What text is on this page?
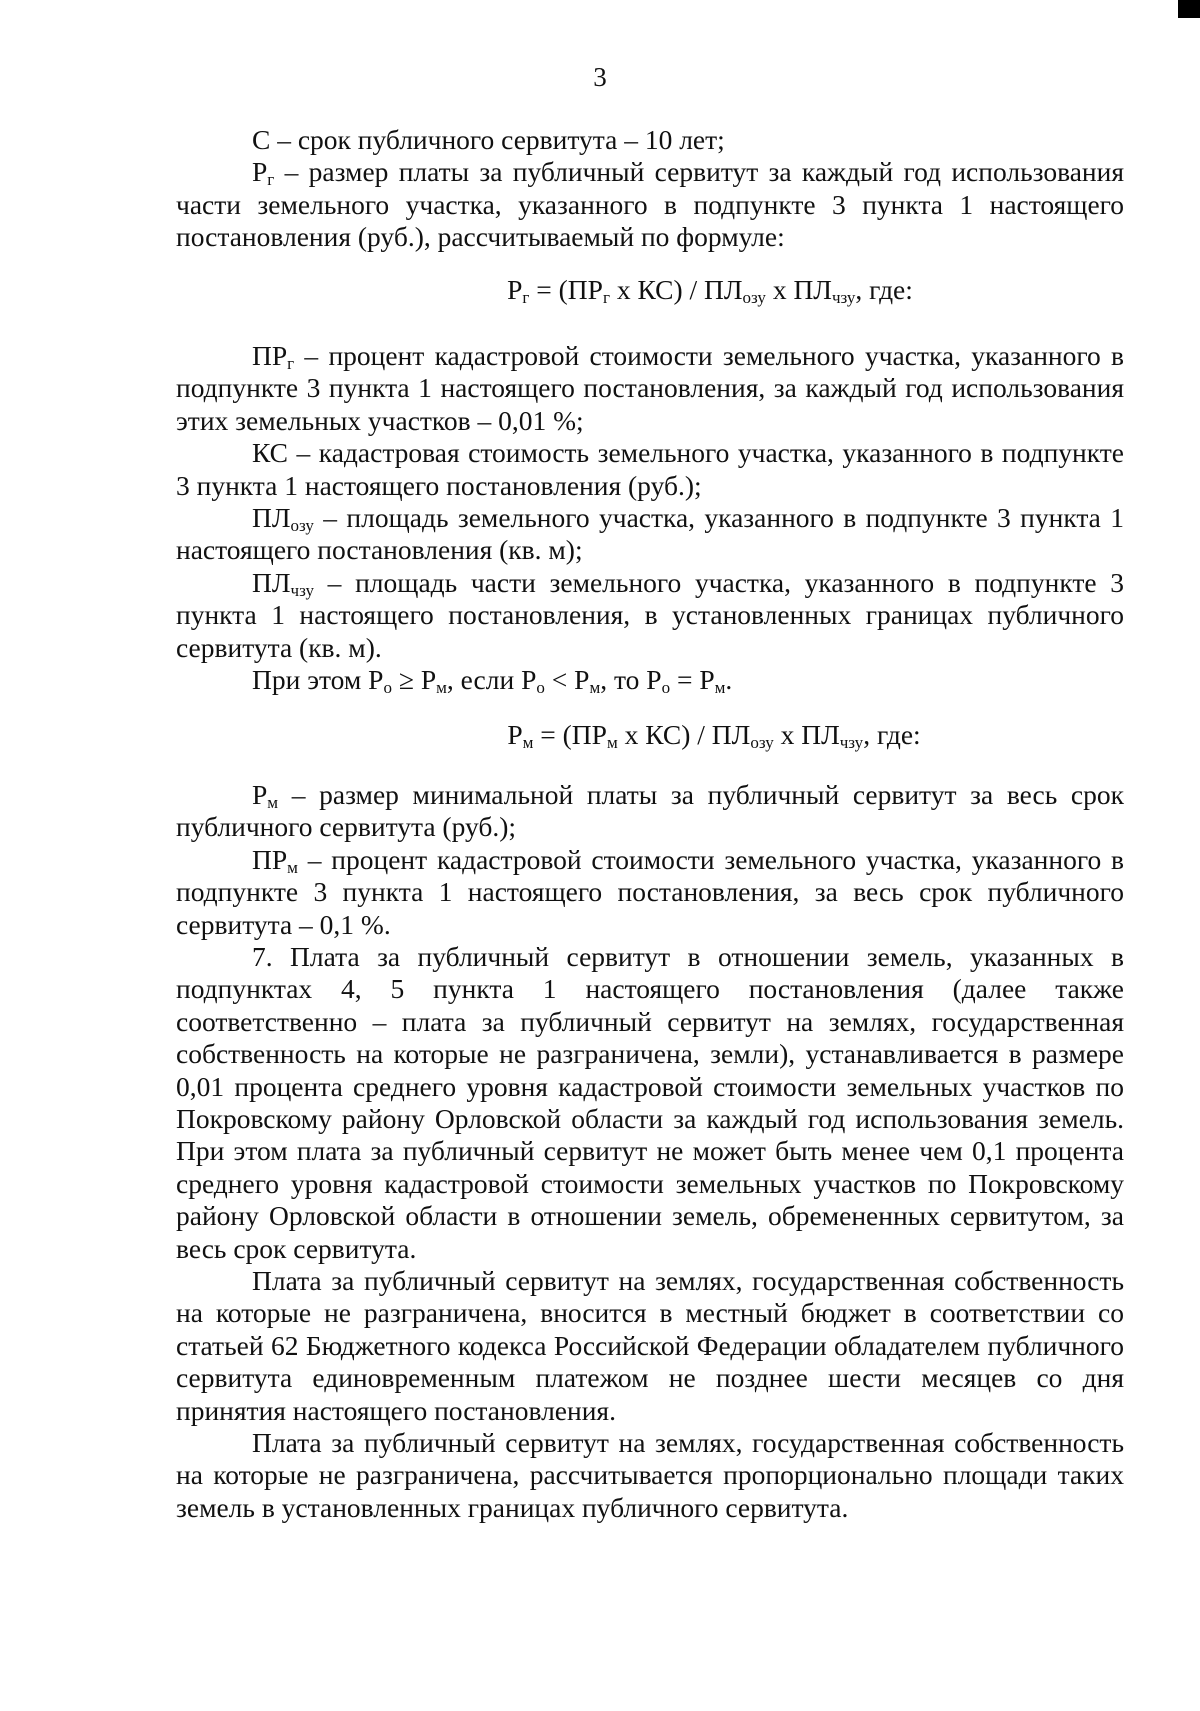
3

С – срок публичного сервитута – 10 лет;

$Р_г$ – размер платы за публичный сервитут за каждый год использования части земельного участка, указанного в подпункте 3 пункта 1 настоящего постановления (руб.), рассчитываемый по формуле:

$Р_г = (ПР_г$ х $КС) / ПЛ_{озу}$ х $ПЛ_{чзу}$, где:

$ПР_г$ – процент кадастровой стоимости земельного участка, указанного в подпункте 3 пункта 1 настоящего постановления, за каждый год использования этих земельных участков – 0,01 %;

КС – кадастровая стоимость земельного участка, указанного в подпункте 3 пункта 1 настоящего постановления (руб.);

$ПЛ_{озу}$ – площадь земельного участка, указанного в подпункте 3 пункта 1 настоящего постановления (кв. м);

$ПЛ_{чзу}$ – площадь части земельного участка, указанного в подпункте 3 пункта 1 настоящего постановления, в установленных границах публичного сервитута (кв. м).

При этом $Р_о \ge Р_м$, если $Р_о < Р_м$, то $Р_о = Р_м$.

$Р_м = (ПР_м$ х $КС) / ПЛ_{озу}$ х $ПЛ_{чзу}$, где:

$Р_м$ – размер минимальной платы за публичный сервитут за весь срок публичного сервитута (руб.);

$ПР_м$ – процент кадастровой стоимости земельного участка, указанного в подпункте 3 пункта 1 настоящего постановления, за весь срок публичного сервитута – 0,1 %.

7. Плата за публичный сервитут в отношении земель, указанных в подпунктах 4, 5 пункта 1 настоящего постановления (далее также соответственно – плата за публичный сервитут на землях, государственная собственность на которые не разграничена, земли), устанавливается в размере 0,01 процента среднего уровня кадастровой стоимости земельных участков по Покровскому району Орловской области за каждый год использования земель. При этом плата за публичный сервитут не может быть менее чем 0,1 процента среднего уровня кадастровой стоимости земельных участков по Покровскому району Орловской области в отношении земель, обремененных сервитутом, за весь срок сервитута.

Плата за публичный сервитут на землях, государственная собственность на которые не разграничена, вносится в местный бюджет в соответствии со статьей 62 Бюджетного кодекса Российской Федерации обладателем публичного сервитута единовременным платежом не позднее шести месяцев со дня принятия настоящего постановления.

Плата за публичный сервитут на землях, государственная собственность на которые не разграничена, рассчитывается пропорционально площади таких земель в установленных границах публичного сервитута.
